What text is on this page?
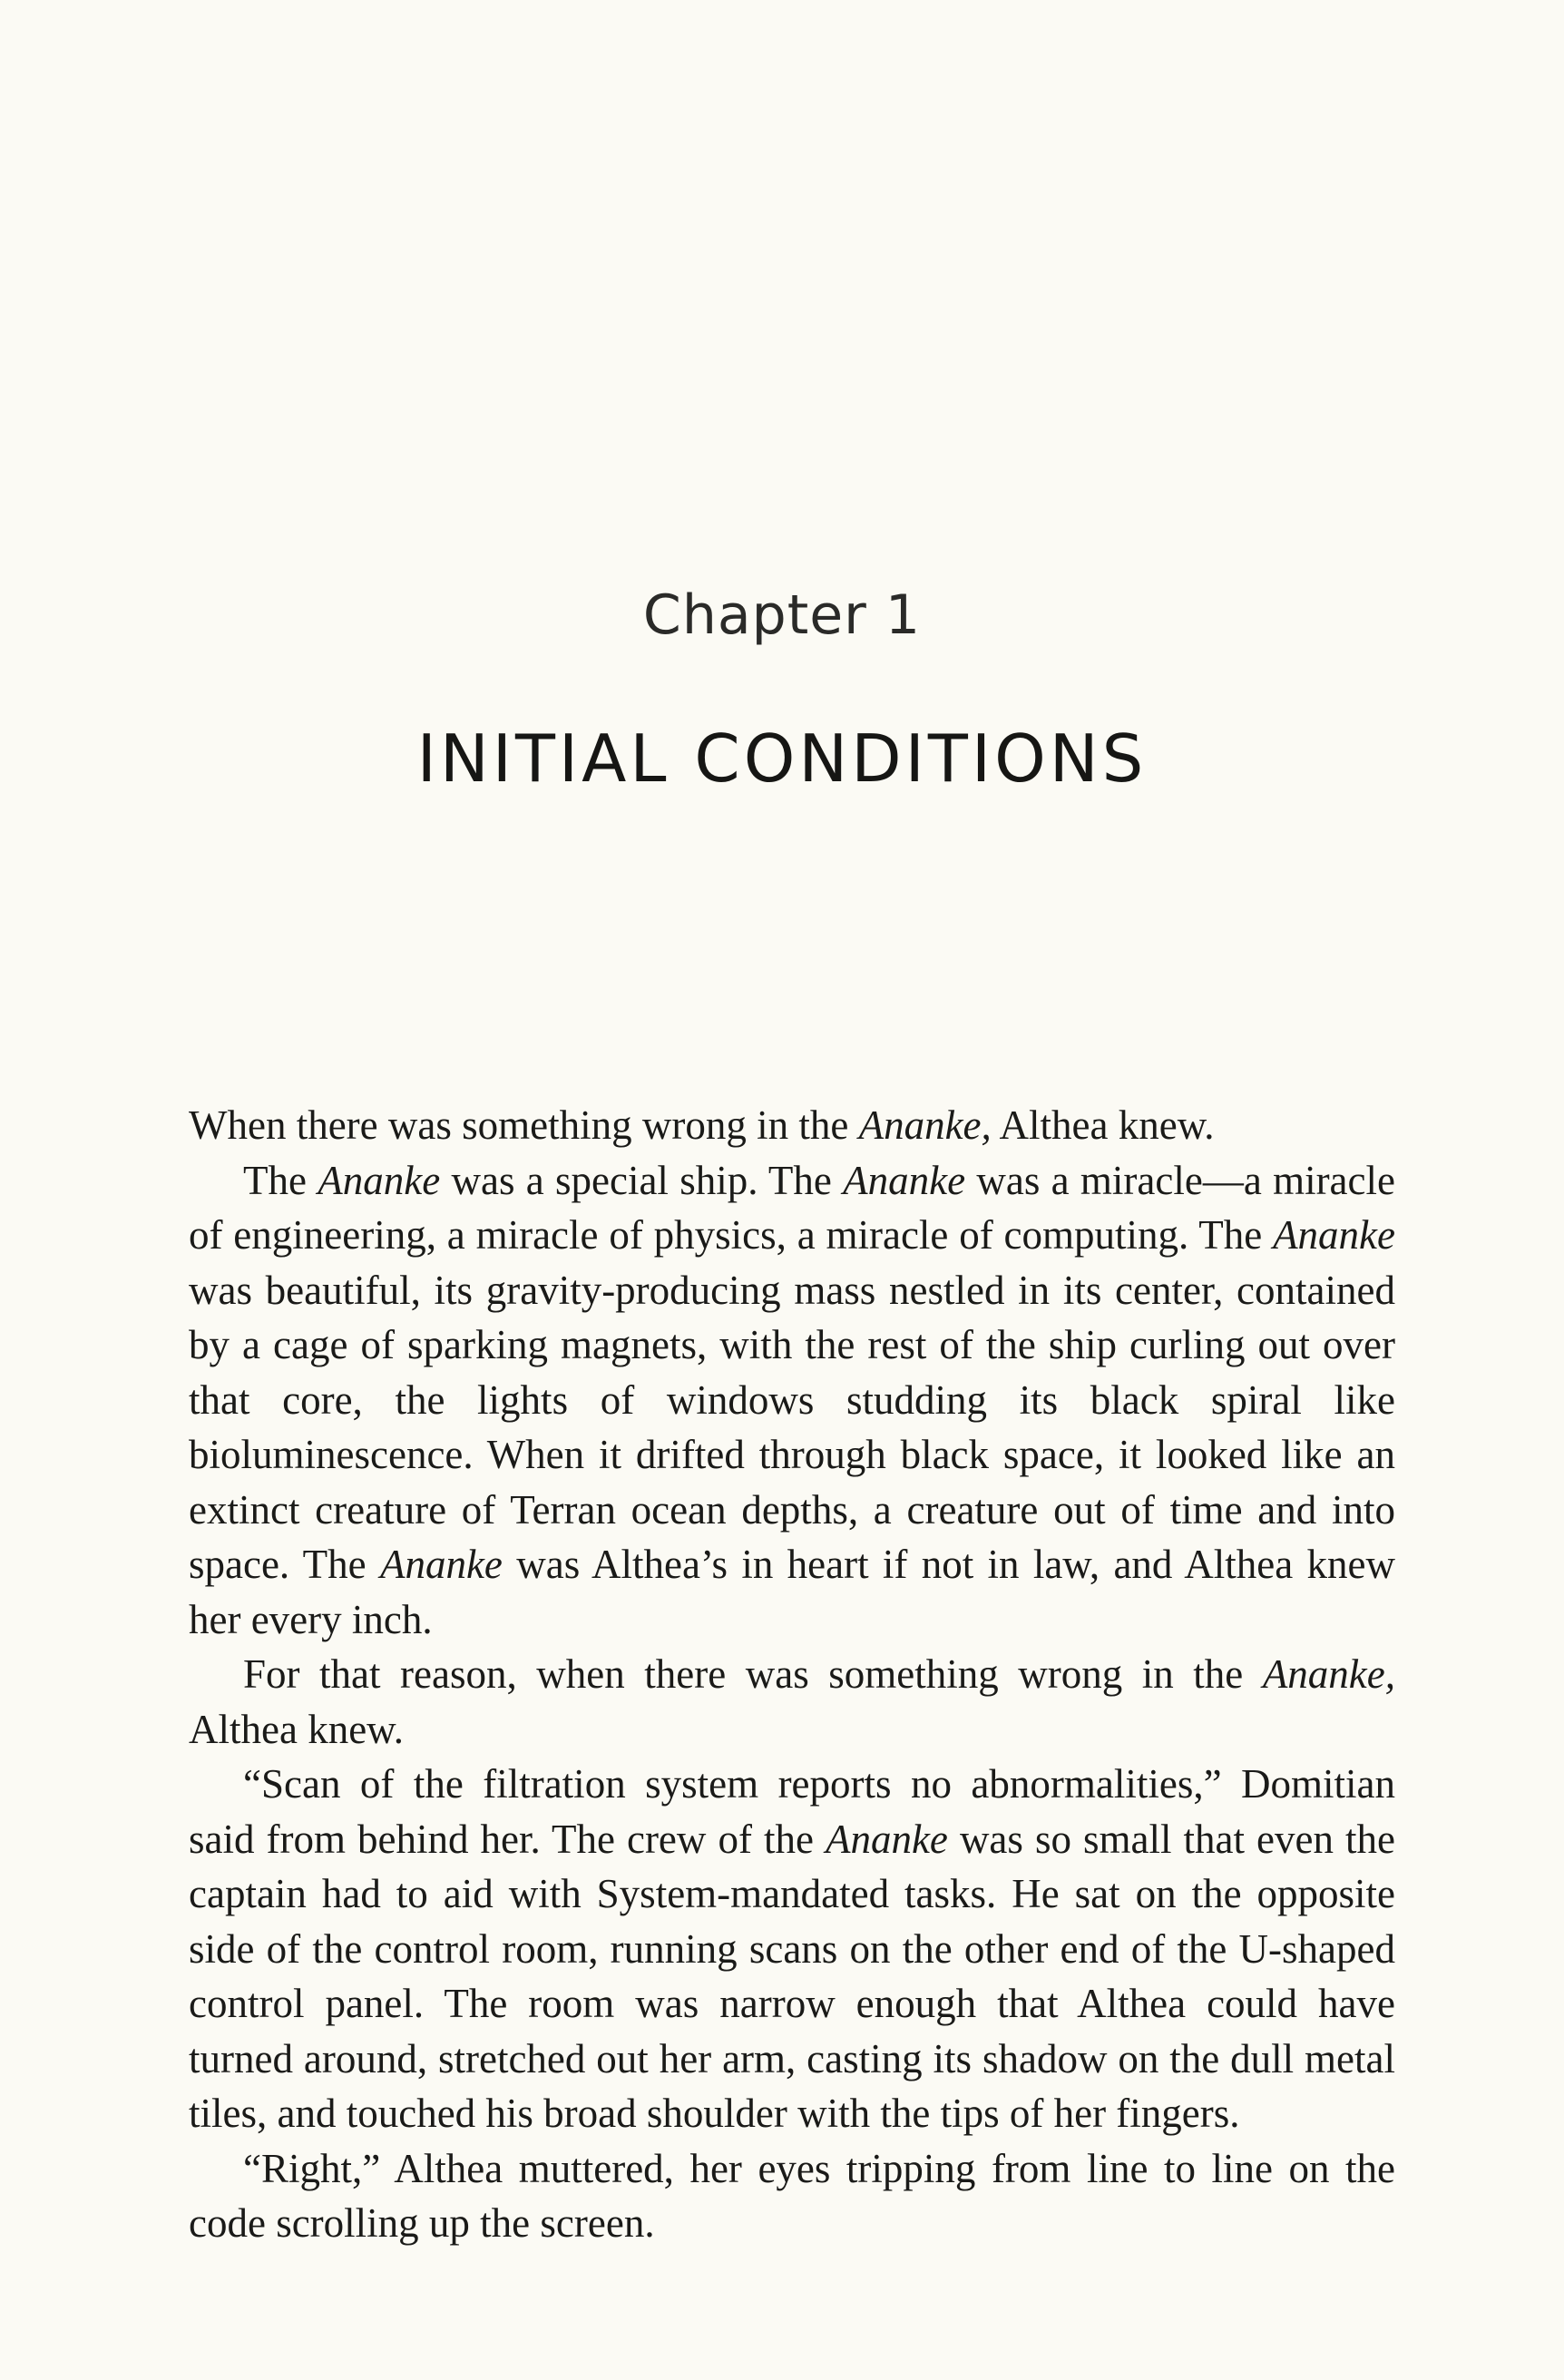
Chapter 1
INITIAL CONDITIONS

When there was something wrong in the Ananke, Althea knew.

The Ananke was a special ship. The Ananke was a miracle—a miracle of engineering, a miracle of physics, a miracle of computing. The Ananke was beautiful, its gravity-producing mass nestled in its center, contained by a cage of sparking magnets, with the rest of the ship curling out over that core, the lights of windows studding its black spiral like bioluminescence. When it drifted through black space, it looked like an extinct creature of Terran ocean depths, a creature out of time and into space. The Ananke was Althea’s in heart if not in law, and Althea knew her every inch.

For that reason, when there was something wrong in the Ananke, Althea knew.

“Scan of the filtration system reports no abnormalities,” Domitian said from behind her. The crew of the Ananke was so small that even the captain had to aid with System-mandated tasks. He sat on the opposite side of the control room, running scans on the other end of the U-shaped control panel. The room was narrow enough that Althea could have turned around, stretched out her arm, casting its shadow on the dull metal tiles, and touched his broad shoulder with the tips of her fingers.

“Right,” Althea muttered, her eyes tripping from line to line on the code scrolling up the screen.
